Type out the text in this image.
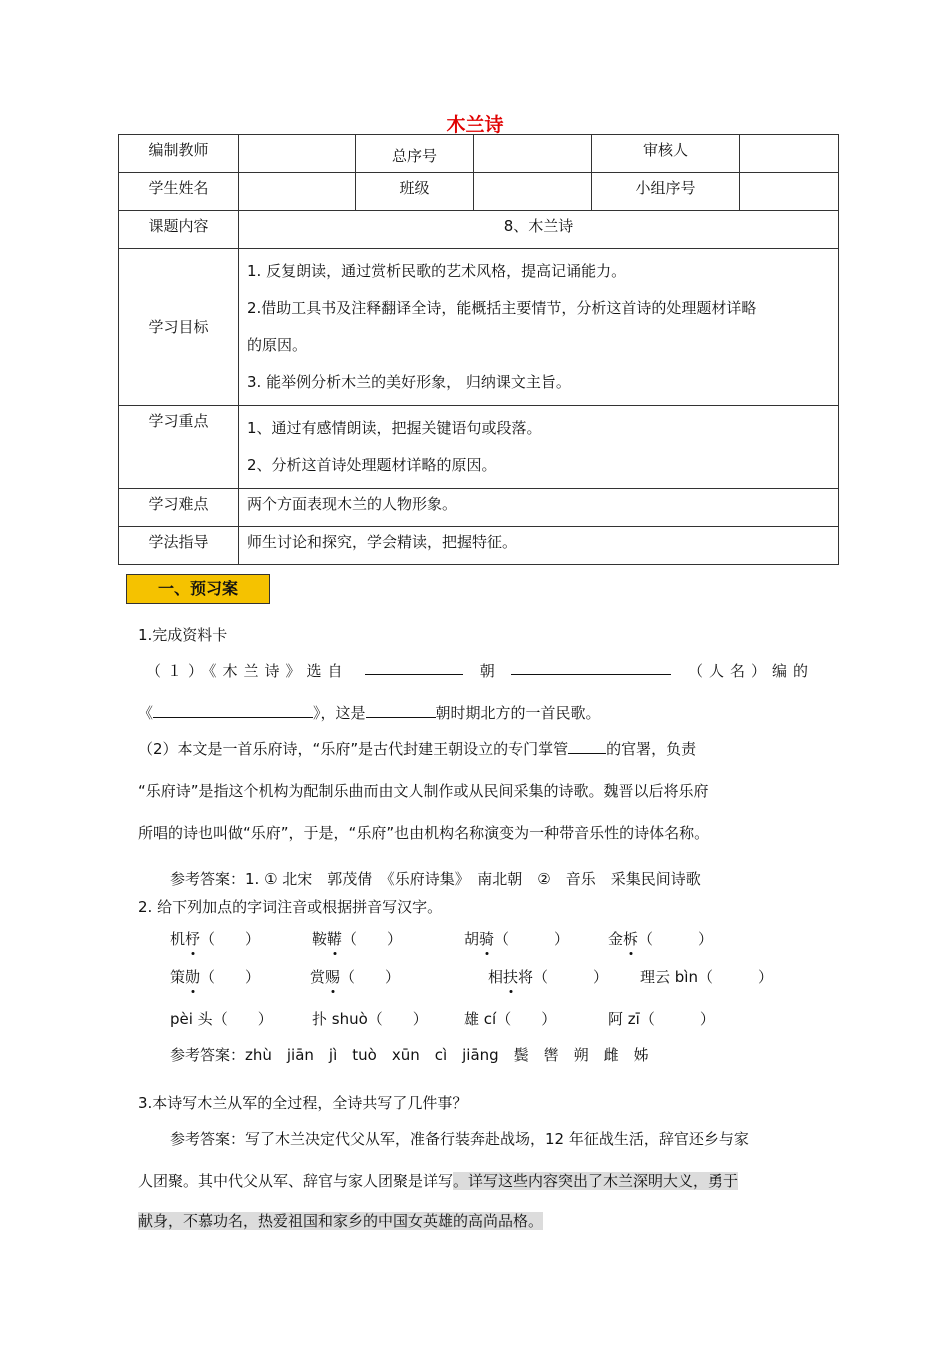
木兰诗
编制教师		总序号		审核人	
学生姓名		班级		小组序号	
课题内容	8、木兰诗				
学习目标	1. 反复朗读，通过赏析民歌的艺术风格，提高记诵能力。
2.借助工具书及注释翻译全诗，能概括主要情节，分析这首诗的处理题材详略
的原因。
3. 能举例分析木兰的美好形象， 归纳课文主旨。				

学习重点	1、通过有感情朗读，把握关键语句或段落。
2、分析这首诗处理题材详略的原因。				

学习难点	两个方面表现木兰的人物形象。				
学法指导	师生讨论和探究，学会精读，把握特征。				
一、预习案
1.完成资料卡
（１）《木兰诗》选自	朝	（人名）编的
《	》，这是	朝时期北方的一首民歌。
（2）本文是一首乐府诗，“乐府”是古代封建王朝设立的专门掌管	的官署，负责
“乐府诗”是指这个机构为配制乐曲而由文人制作或从民间采集的诗歌。魏晋以后将乐府
所唱的诗也叫做“乐府”，于是，“乐府”也由机构名称演变为一种带音乐性的诗体名称。
参考答案：1. ① 北宋　郭茂倩　《乐府诗集》　南北朝　②　音乐　采集民间诗歌
2. 给下列加点的字词注音或根据拼音写汉字。
机杼（　　）	鞍鞯（　　）	胡骑（　　　）	金柝（　　　）
策勋（　　）	赏赐（　　）	相扶将（　　　） 理云 bìn（　　　）
pèi 头（　　）	扑 shuò（　　） 雄 cí（　　）	阿 zī（　　　）
参考答案：zhù　jiān　jì　tuò　xūn　cì　jiāng　鬓　辔　朔　雌　姊
3.本诗写木兰从军的全过程，全诗共写了几件事？
参考答案：写了木兰决定代父从军，准备行装奔赴战场，12 年征战生活，辞官还乡与家
人团聚。其中代父从军、辞官与家人团聚是详写。详写这些内容突出了木兰深明大义，勇于
献身，不慕功名，热爱祖国和家乡的中国女英雄的高尚品格。
